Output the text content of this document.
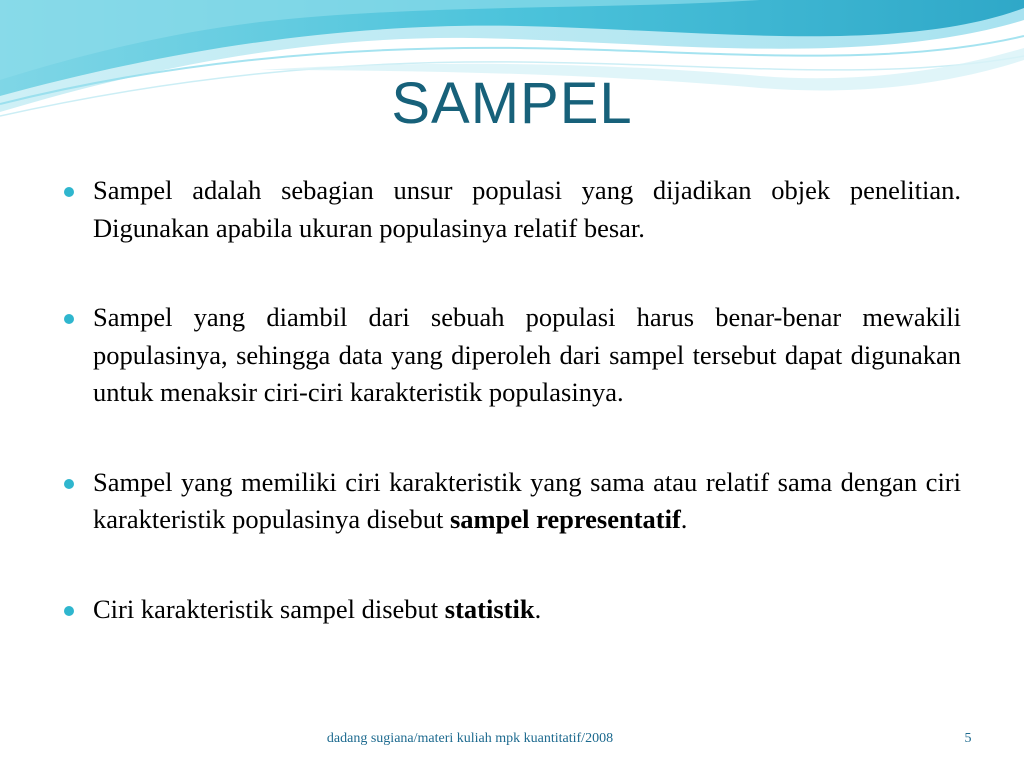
SAMPEL
Sampel adalah sebagian unsur populasi yang dijadikan objek penelitian. Digunakan apabila ukuran populasinya relatif besar.
Sampel yang diambil dari sebuah populasi harus benar-benar mewakili populasinya, sehingga data yang diperoleh dari sampel tersebut dapat digunakan untuk menaksir ciri-ciri karakteristik populasinya.
Sampel yang memiliki ciri karakteristik yang sama atau relatif sama dengan ciri karakteristik populasinya disebut sampel representatif.
Ciri karakteristik sampel disebut statistik.
dadang sugiana/materi kuliah mpk kuantitatif/2008	5
